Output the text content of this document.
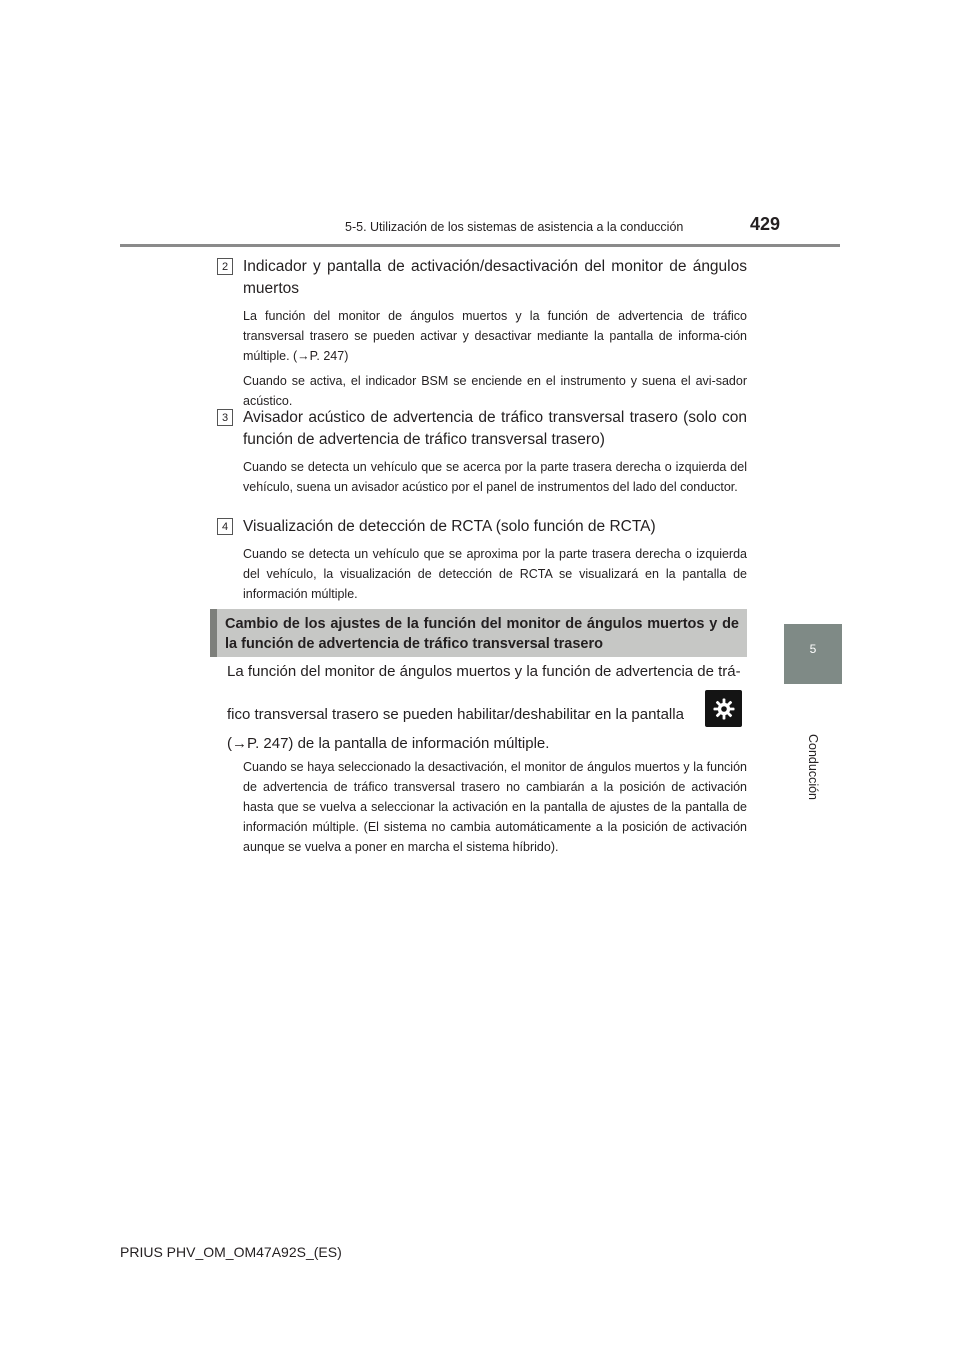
5-5. Utilización de los sistemas de asistencia a la conducción	429
5
Conducción
2 Indicador y pantalla de activación/desactivación del monitor de ángulos muertos

La función del monitor de ángulos muertos y la función de advertencia de tráfico transversal trasero se pueden activar y desactivar mediante la pantalla de informa-ción múltiple. (→P. 247)

Cuando se activa, el indicador BSM se enciende en el instrumento y suena el avi-sador acústico.

3 Avisador acústico de advertencia de tráfico transversal trasero (solo con función de advertencia de tráfico transversal trasero)

Cuando se detecta un vehículo que se acerca por la parte trasera derecha o izquierda del vehículo, suena un avisador acústico por el panel de instrumentos del lado del conductor.

4 Visualización de detección de RCTA (solo función de RCTA)

Cuando se detecta un vehículo que se aproxima por la parte trasera derecha o izquierda del vehículo, la visualización de detección de RCTA se visualizará en la pantalla de información múltiple.

Cambio de los ajustes de la función del monitor de ángulos muertos y de la función de advertencia de tráfico transversal trasero
La función del monitor de ángulos muertos y la función de advertencia de trá-
fico transversal trasero se pueden habilitar/deshabilitar en la pantalla
(→P. 247) de la pantalla de información múltiple.
Cuando se haya seleccionado la desactivación, el monitor de ángulos muertos y la función de advertencia de tráfico transversal trasero no cambiarán a la posición de activación hasta que se vuelva a seleccionar la activación en la pantalla de ajustes de la pantalla de información múltiple. (El sistema no cambia automáticamente a la posición de activación aunque se vuelva a poner en marcha el sistema híbrido).
PRIUS PHV_OM_OM47A92S_(ES)
